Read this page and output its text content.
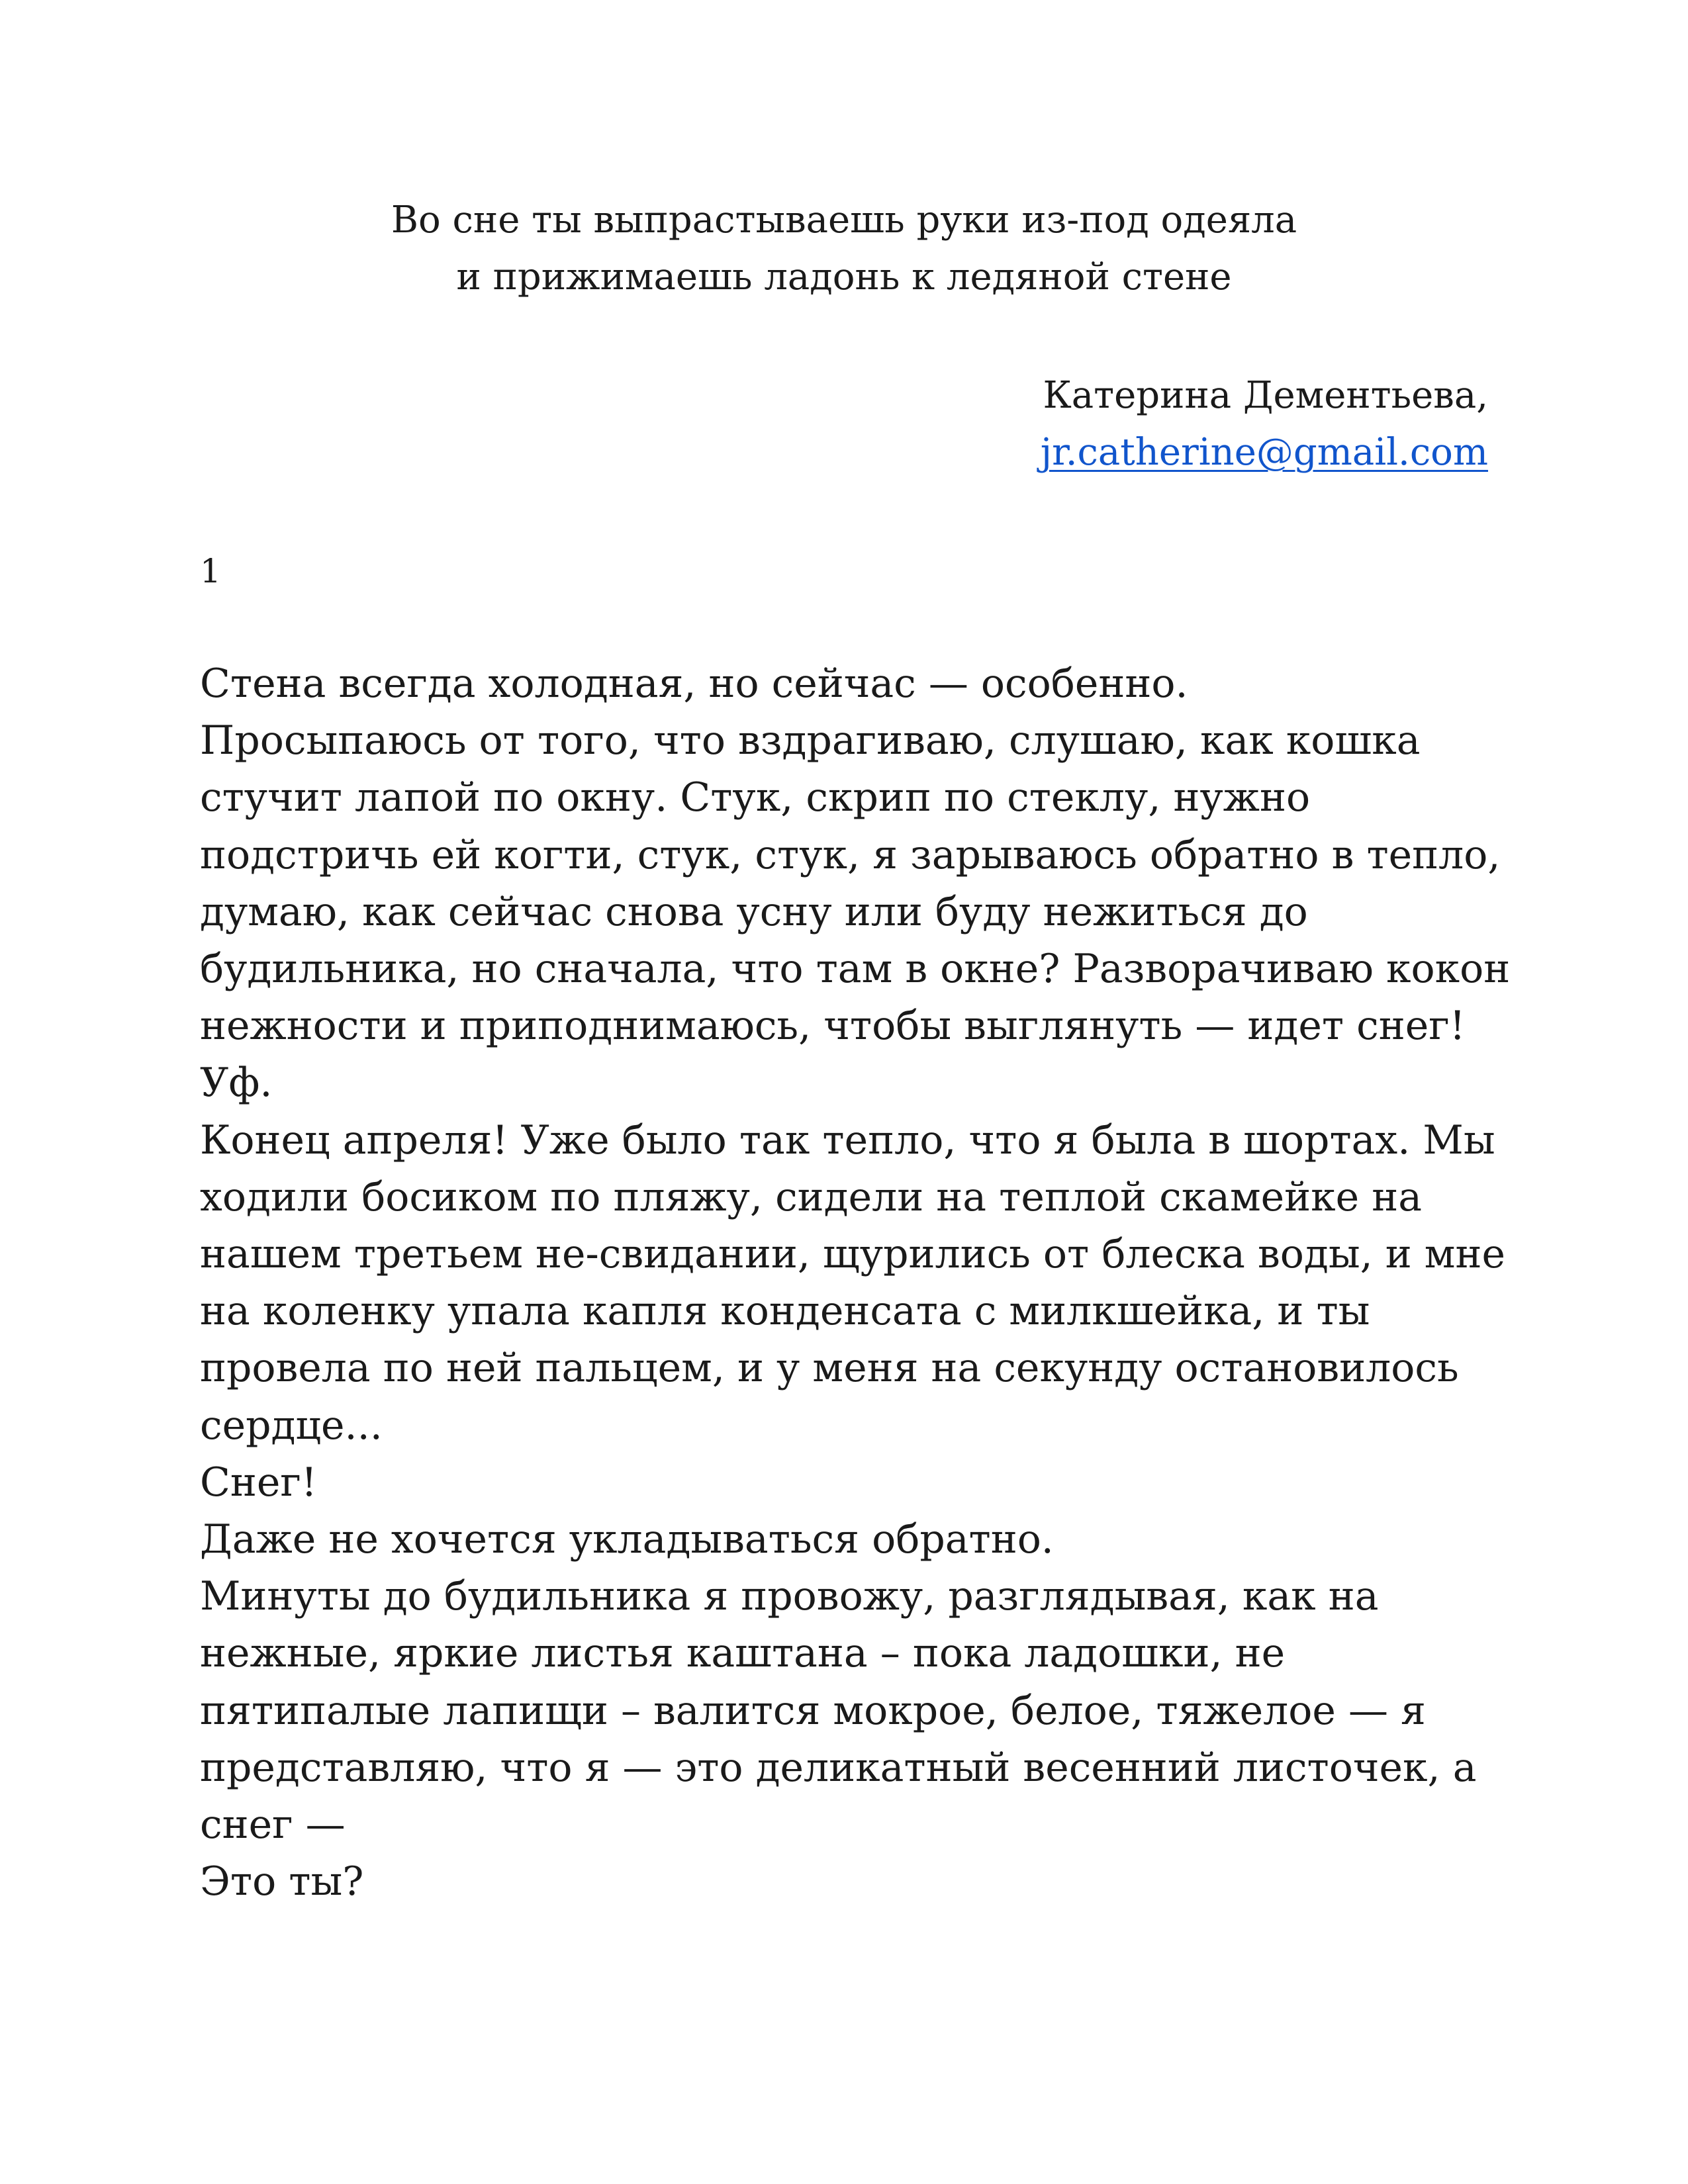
Во сне ты выпрастываешь руки из-под одеяла
и прижимаешь ладонь к ледяной стене
Катерина Дементьева,
jr.catherine@gmail.com
1
Стена всегда холодная, но сейчас — особенно.
Просыпаюсь от того, что вздрагиваю, слушаю, как кошка
стучит лапой по окну. Стук, скрип по стеклу, нужно
подстричь ей когти, стук, стук, я зарываюсь обратно в тепло,
думаю, как сейчас снова усну или буду нежиться до
будильника, но сначала, что там в окне? Разворачиваю кокон
нежности и приподнимаюсь, чтобы выглянуть — идет снег!
Уф.
Конец апреля! Уже было так тепло, что я была в шортах. Мы
ходили босиком по пляжу, сидели на теплой скамейке на
нашем третьем не-свидании, щурились от блеска воды, и мне
на коленку упала капля конденсата с милкшейка, и ты
провела по ней пальцем, и у меня на секунду остановилось
сердце...
Снег!
Даже не хочется укладываться обратно.
Минуты до будильника я провожу, разглядывая, как на
нежные, яркие листья каштана – пока ладошки, не
пятипалые лапищи – валится мокрое, белое, тяжелое — я
представляю, что я — это деликатный весенний листочек, а
снег —
Это ты?
